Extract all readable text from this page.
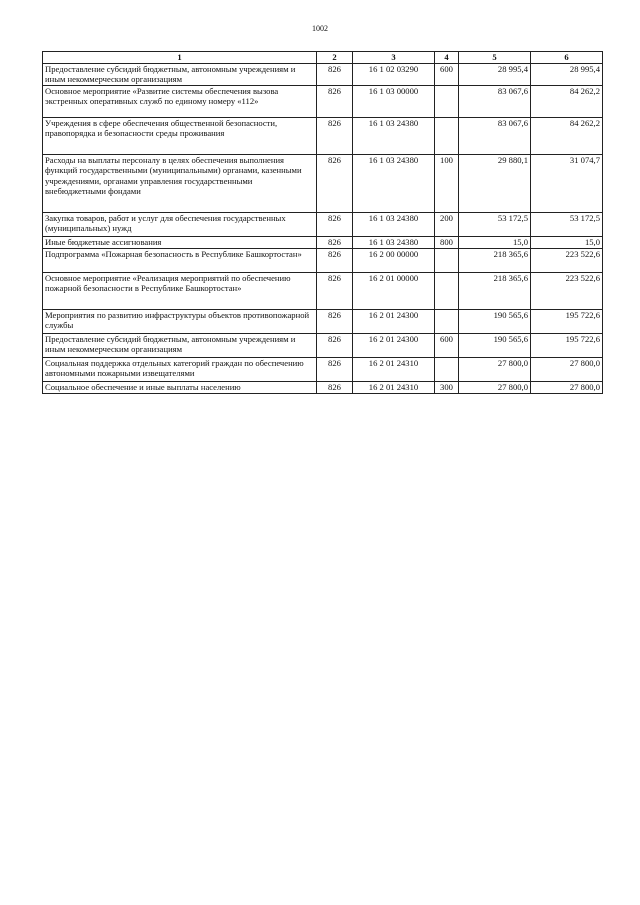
1002
1	2	3	4	5	6
Предоставление субсидий бюджетным, автономным учреждениям и иным некоммерческим организациям	826	16 1 02 03290	600	28 995,4	28 995,4
Основное мероприятие «Развитие системы обеспечения вызова экстренных оперативных служб по единому номеру «112»	826	16 1 03 00000		83 067,6	84 262,2
Учреждения в сфере обеспечения общественной безопасности, правопорядка и безопасности среды проживания	826	16 1 03 24380		83 067,6	84 262,2
Расходы на выплаты персоналу в целях обеспечения выполнения функций государственными (муниципальными) органами, казенными учреждениями, органами управления государственными внебюджетными фондами	826	16 1 03 24380	100	29 880,1	31 074,7
Закупка товаров, работ и услуг для обеспечения государственных (муниципальных) нужд	826	16 1 03 24380	200	53 172,5	53 172,5
Иные бюджетные ассигнования	826	16 1 03 24380	800	15,0	15,0
Подпрограмма «Пожарная безопасность в Республике Башкортостан»	826	16 2 00 00000		218 365,6	223 522,6
Основное мероприятие «Реализация мероприятий по обеспечению пожарной безопасности в Республике Башкортостан»	826	16 2 01 00000		218 365,6	223 522,6
Мероприятия по развитию инфраструктуры объектов противопожарной службы	826	16 2 01 24300		190 565,6	195 722,6
Предоставление субсидий бюджетным, автономным учреждениям и иным некоммерческим организациям	826	16 2 01 24300	600	190 565,6	195 722,6
Социальная поддержка отдельных категорий граждан по обеспечению автономными пожарными извещателями	826	16 2 01 24310		27 800,0	27 800,0
Социальное обеспечение и иные выплаты населению	826	16 2 01 24310	300	27 800,0	27 800,0
